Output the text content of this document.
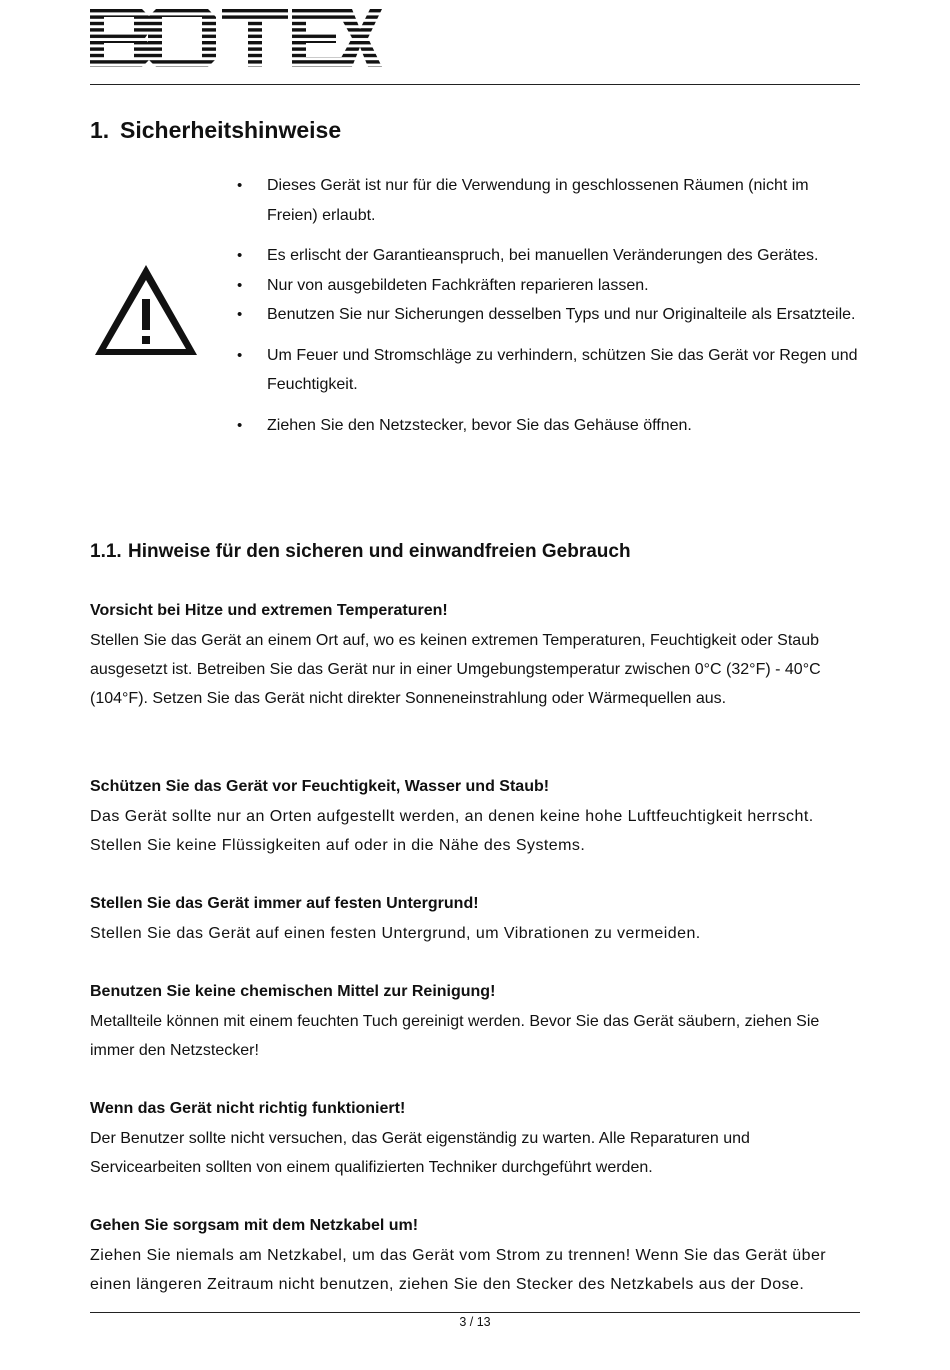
1. Sicherheitshinweise
• Dieses Gerät ist nur für die Verwendung in geschlossenen Räumen (nicht im Freien) erlaubt.
• Es erlischt der Garantieanspruch, bei manuellen Veränderungen des Gerätes.
• Nur von ausgebildeten Fachkräften reparieren lassen.
• Benutzen Sie nur Sicherungen desselben Typs und nur Originalteile als Ersatzteile.
• Um Feuer und Stromschläge zu verhindern, schützen Sie das Gerät vor Regen und Feuchtigkeit.
• Ziehen Sie den Netzstecker, bevor Sie das Gehäuse öffnen.
1.1. Hinweise für den sicheren und einwandfreien Gebrauch
Vorsicht bei Hitze und extremen Temperaturen!
Stellen Sie das Gerät an einem Ort auf, wo es keinen extremen Temperaturen, Feuchtigkeit oder Staub ausgesetzt ist. Betreiben Sie das Gerät nur in einer Umgebungstemperatur zwischen 0°C (32°F) - 40°C (104°F). Setzen Sie das Gerät nicht direkter Sonneneinstrahlung oder Wärmequellen aus.
Schützen Sie das Gerät vor Feuchtigkeit, Wasser und Staub!
Das Gerät sollte nur an Orten aufgestellt werden, an denen keine hohe Luftfeuchtigkeit herrscht. Stellen Sie keine Flüssigkeiten auf oder in die Nähe des Systems.
Stellen Sie das Gerät immer auf festen Untergrund!
Stellen Sie das Gerät auf einen festen Untergrund, um Vibrationen zu vermeiden.
Benutzen Sie keine chemischen Mittel zur Reinigung!
Metallteile können mit einem feuchten Tuch gereinigt werden. Bevor Sie das Gerät säubern, ziehen Sie immer den Netzstecker!
Wenn das Gerät nicht richtig funktioniert!
Der Benutzer sollte nicht versuchen, das Gerät eigenständig zu warten. Alle Reparaturen und Servicearbeiten sollten von einem qualifizierten Techniker durchgeführt werden.
Gehen Sie sorgsam mit dem Netzkabel um!
Ziehen Sie niemals am Netzkabel, um das Gerät vom Strom zu trennen! Wenn Sie das Gerät über einen längeren Zeitraum nicht benutzen, ziehen Sie den Stecker des Netzkabels aus der Dose.
3 / 13
